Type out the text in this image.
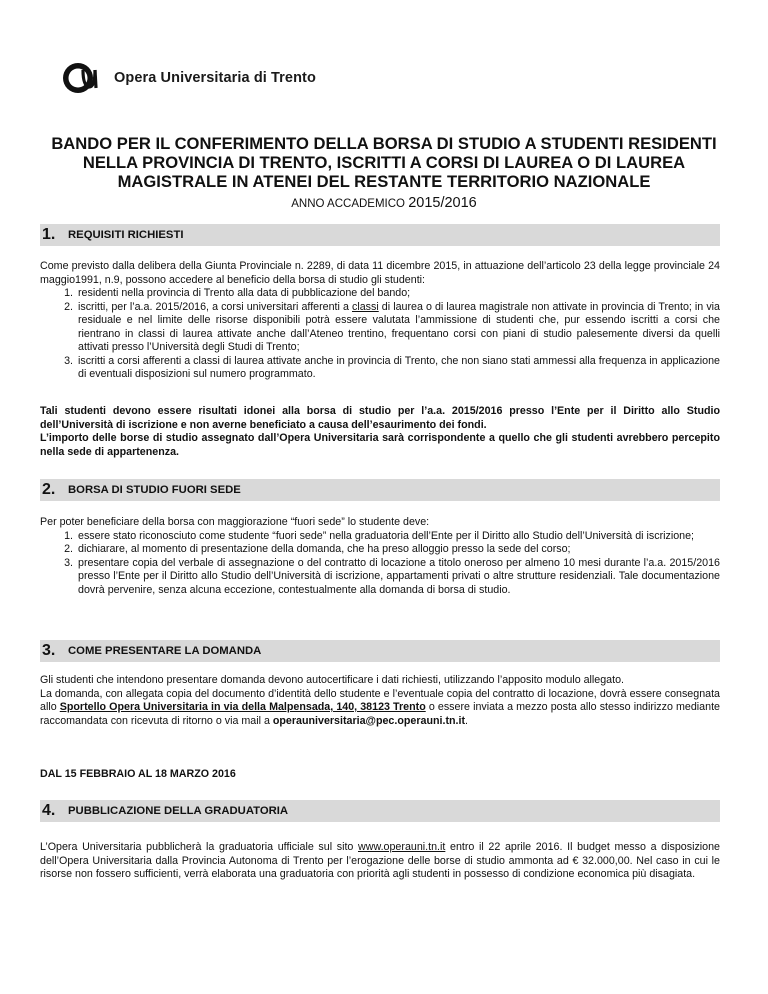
Opera Universitaria di Trento
BANDO PER IL CONFERIMENTO DELLA BORSA DI STUDIO A STUDENTI RESIDENTI
NELLA PROVINCIA DI TRENTO, ISCRITTI A CORSI DI LAUREA O DI LAUREA
MAGISTRALE IN ATENEI DEL RESTANTE TERRITORIO NAZIONALE
ANNO ACCADEMICO 2015/2016
1.	REQUISITI RICHIESTI

Come previsto dalla delibera della Giunta Provinciale n. 2289, di data 11 dicembre 2015, in attuazione dell’articolo 23 della legge provinciale 24 maggio1991, n.9, possono accedere al beneficio della borsa di studio gli studenti:

1. residenti nella provincia di Trento alla data di pubblicazione del bando;
2. iscritti, per l’a.a. 2015/2016, a corsi universitari afferenti a classi di laurea o di laurea magistrale non attivate in provincia di Trento; in via residuale e nel limite delle risorse disponibili potrà essere valutata l’ammissione di studenti che, pur essendo iscritti a corsi che rientrano in classi di laurea attivate anche dall’Ateneo trentino, frequentano corsi con piani di studio palesemente diversi da quelli attivati presso l’Università degli Studi di Trento;
3. iscritti a corsi afferenti a classi di laurea attivate anche in provincia di Trento, che non siano stati ammessi alla frequenza in applicazione di eventuali disposizioni sul numero programmato.

Tali studenti devono essere risultati idonei alla borsa di studio per l’a.a. 2015/2016 presso l’Ente per il Diritto allo Studio dell’Università di iscrizione e non averne beneficiato a causa dell’esaurimento dei fondi.

L’importo delle borse di studio assegnato dall’Opera Universitaria sarà corrispondente a quello che gli studenti avrebbero percepito nella sede di appartenenza.

2.	BORSA DI STUDIO FUORI SEDE

Per poter beneficiare della borsa con maggiorazione “fuori sede” lo studente deve:

1. essere stato riconosciuto come studente “fuori sede” nella graduatoria dell’Ente per il Diritto allo Studio dell’Università di iscrizione;
2. dichiarare, al momento di presentazione della domanda, che ha preso alloggio presso la sede del corso;
3. presentare copia del verbale di assegnazione o del contratto di locazione a titolo oneroso per almeno 10 mesi durante l’a.a. 2015/2016 presso l’Ente per il Diritto allo Studio dell’Università di iscrizione, appartamenti privati o altre strutture residenziali. Tale documentazione dovrà pervenire, senza alcuna eccezione, contestualmente alla domanda di borsa di studio.
3.	COME PRESENTARE LA DOMANDA

Gli studenti che intendono presentare domanda devono autocertificare i dati richiesti, utilizzando l’apposito modulo allegato.

La domanda, con allegata copia del documento d’identità dello studente e l’eventuale copia del contratto di locazione, dovrà essere consegnata allo Sportello Opera Universitaria in via della Malpensada, 140, 38123 Trento o essere inviata a mezzo posta allo stesso indirizzo mediante raccomandata con ricevuta di ritorno o via mail a operauniversitaria@pec.operauni.tn.it.

DAL 15 FEBBRAIO AL 18 MARZO 2016

4.	PUBBLICAZIONE DELLA GRADUATORIA

L’Opera Universitaria pubblicherà la graduatoria ufficiale sul sito www.operauni.tn.it entro il 22 aprile 2016. Il budget messo a disposizione dell’Opera Universitaria dalla Provincia Autonoma di Trento per l’erogazione delle borse di studio ammonta ad € 32.000,00. Nel caso in cui le risorse non fossero sufficienti, verrà elaborata una graduatoria con priorità agli studenti in possesso di condizione economica più disagiata.
